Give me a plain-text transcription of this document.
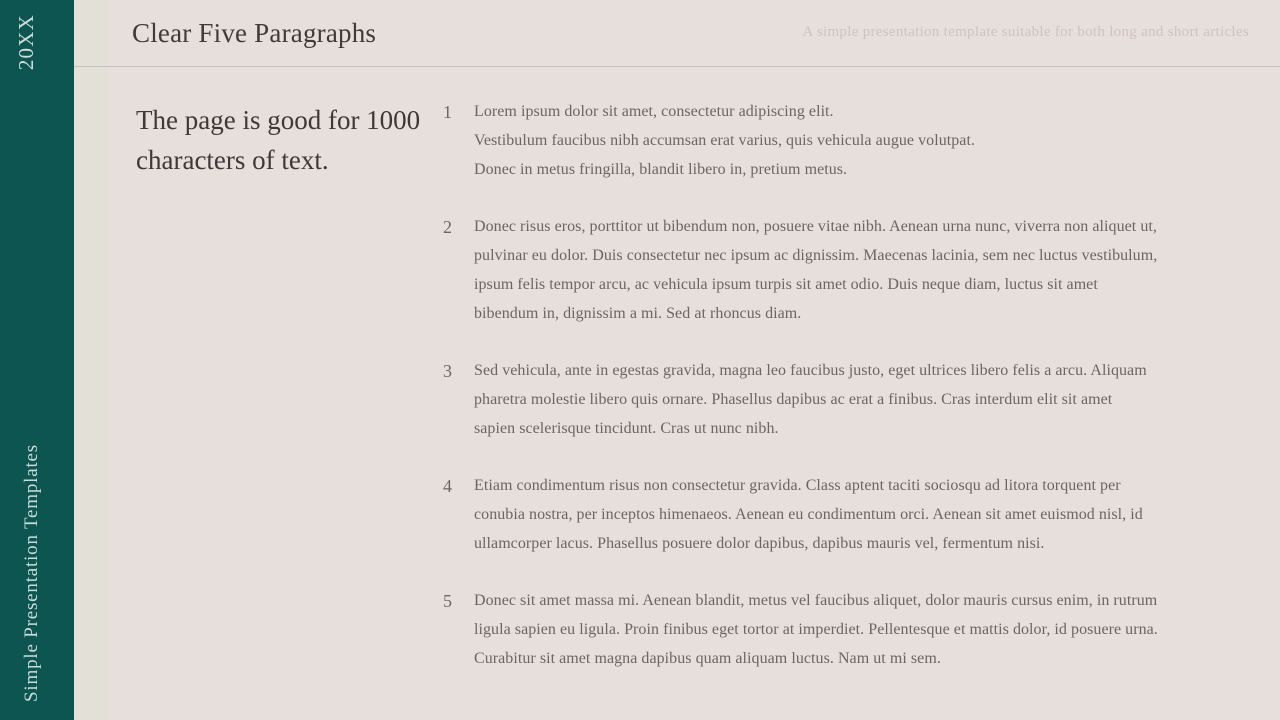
20XX
Simple Presentation Templates
Clear Five Paragraphs	A simple presentation template suitable for both long and short articles
The page is good for 1000 characters of text.
1	Lorem ipsum dolor sit amet, consectetur adipiscing elit.
Vestibulum faucibus nibh accumsan erat varius, quis vehicula augue volutpat.
Donec in metus fringilla, blandit libero in, pretium metus.
2	Donec risus eros, porttitor ut bibendum non, posuere vitae nibh. Aenean urna nunc, viverra non aliquet ut,
pulvinar eu dolor. Duis consectetur nec ipsum ac dignissim. Maecenas lacinia, sem nec luctus vestibulum,
ipsum felis tempor arcu, ac vehicula ipsum turpis sit amet odio. Duis neque diam, luctus sit amet
bibendum in, dignissim a mi. Sed at rhoncus diam.
3	Sed vehicula, ante in egestas gravida, magna leo faucibus justo, eget ultrices libero felis a arcu. Aliquam
pharetra molestie libero quis ornare. Phasellus dapibus ac erat a finibus. Cras interdum elit sit amet
sapien scelerisque tincidunt. Cras ut nunc nibh.
4	Etiam condimentum risus non consectetur gravida. Class aptent taciti sociosqu ad litora torquent per
conubia nostra, per inceptos himenaeos. Aenean eu condimentum orci. Aenean sit amet euismod nisl, id
ullamcorper lacus. Phasellus posuere dolor dapibus, dapibus mauris vel, fermentum nisi.
5	Donec sit amet massa mi. Aenean blandit, metus vel faucibus aliquet, dolor mauris cursus enim, in rutrum
ligula sapien eu ligula. Proin finibus eget tortor at imperdiet. Pellentesque et mattis dolor, id posuere urna.
Curabitur sit amet magna dapibus quam aliquam luctus. Nam ut mi sem.
